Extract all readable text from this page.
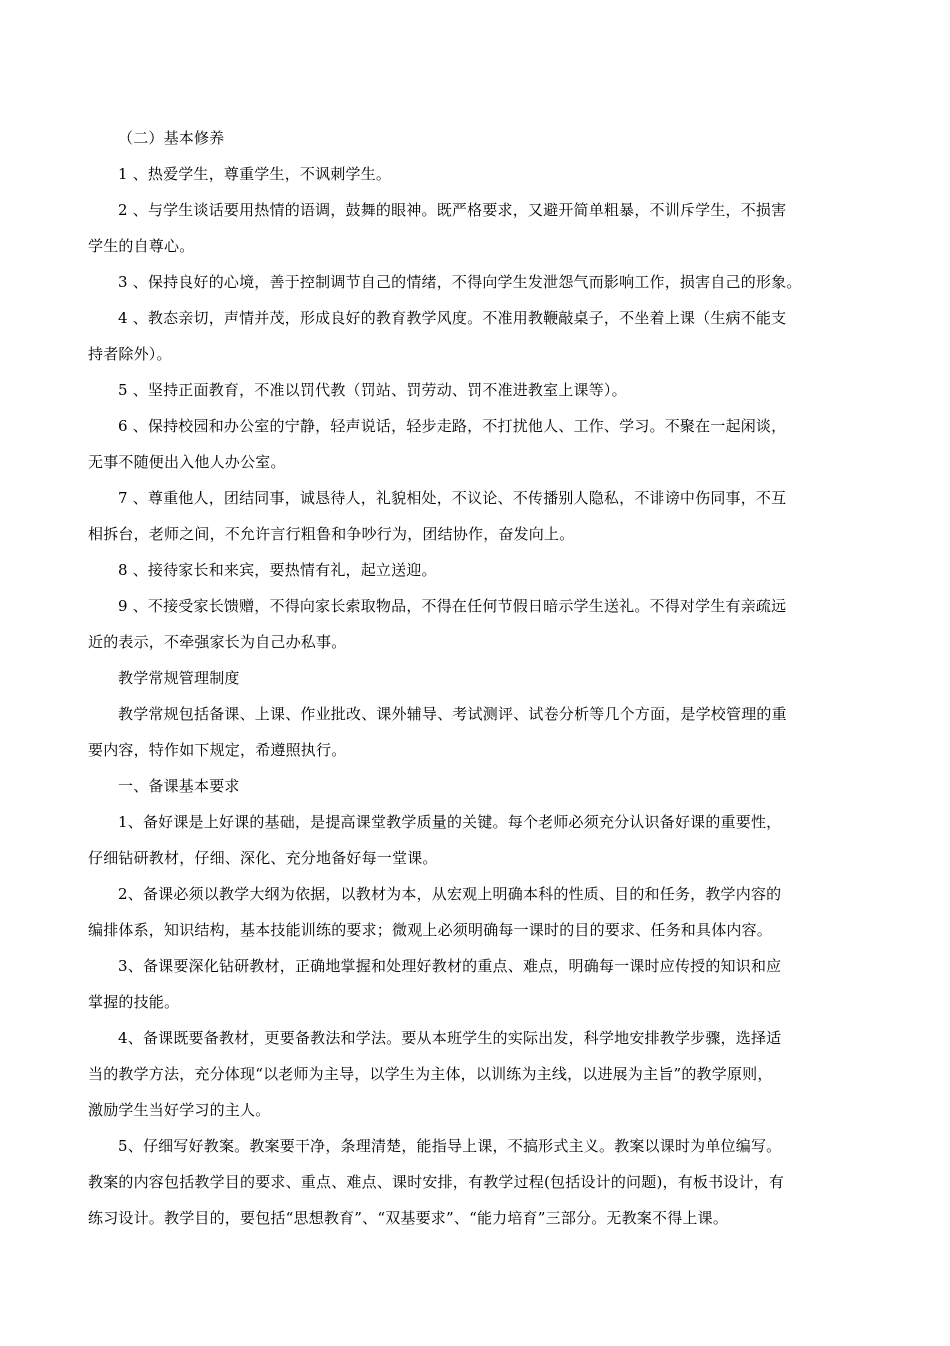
（二）基本修养
1 、热爱学生，尊重学生，不讽刺学生。
2 、与学生谈话要用热情的语调，鼓舞的眼神。既严格要求，又避开简单粗暴，不训斥学生，不损害
学生的自尊心。
3 、保持良好的心境，善于控制调节自己的情绪，不得向学生发泄怨气而影响工作，损害自己的形象。
4 、教态亲切，声情并茂，形成良好的教育教学风度。不准用教鞭敲桌子，不坐着上课（生病不能支
持者除外）。
5 、坚持正面教育，不准以罚代教（罚站、罚劳动、罚不准进教室上课等）。
6 、保持校园和办公室的宁静，轻声说话，轻步走路，不打扰他人、工作、学习。不聚在一起闲谈，
无事不随便出入他人办公室。
7 、尊重他人，团结同事，诚恳待人，礼貌相处，不议论、不传播别人隐私，不诽谤中伤同事，不互
相拆台，老师之间，不允许言行粗鲁和争吵行为，团结协作，奋发向上。
8 、接待家长和来宾，要热情有礼，起立送迎。
9 、不接受家长馈赠，不得向家长索取物品，不得在任何节假日暗示学生送礼。不得对学生有亲疏远
近的表示，不牵强家长为自己办私事。
教学常规管理制度
教学常规包括备课、上课、作业批改、课外辅导、考试测评、试卷分析等几个方面，是学校管理的重
要内容，特作如下规定，希遵照执行。
一、备课基本要求
1、备好课是上好课的基础，是提高课堂教学质量的关键。每个老师必须充分认识备好课的重要性，
仔细钻研教材，仔细、深化、充分地备好每一堂课。
2、备课必须以教学大纲为依据，以教材为本，从宏观上明确本科的性质、目的和任务，教学内容的
编排体系，知识结构，基本技能训练的要求；微观上必须明确每一课时的目的要求、任务和具体内容。
3、备课要深化钻研教材，正确地掌握和处理好教材的重点、难点，明确每一课时应传授的知识和应
掌握的技能。
4、备课既要备教材，更要备教法和学法。要从本班学生的实际出发，科学地安排教学步骤，选择适
当的教学方法，充分体现“以老师为主导，以学生为主体，以训练为主线，以进展为主旨”的教学原则，
激励学生当好学习的主人。
5、仔细写好教案。教案要干净，条理清楚，能指导上课，不搞形式主义。教案以课时为单位编写。
教案的内容包括教学目的要求、重点、难点、课时安排，有教学过程(包括设计的问题)，有板书设计，有
练习设计。教学目的，要包括“思想教育”、“双基要求”、“能力培育”三部分。无教案不得上课。
